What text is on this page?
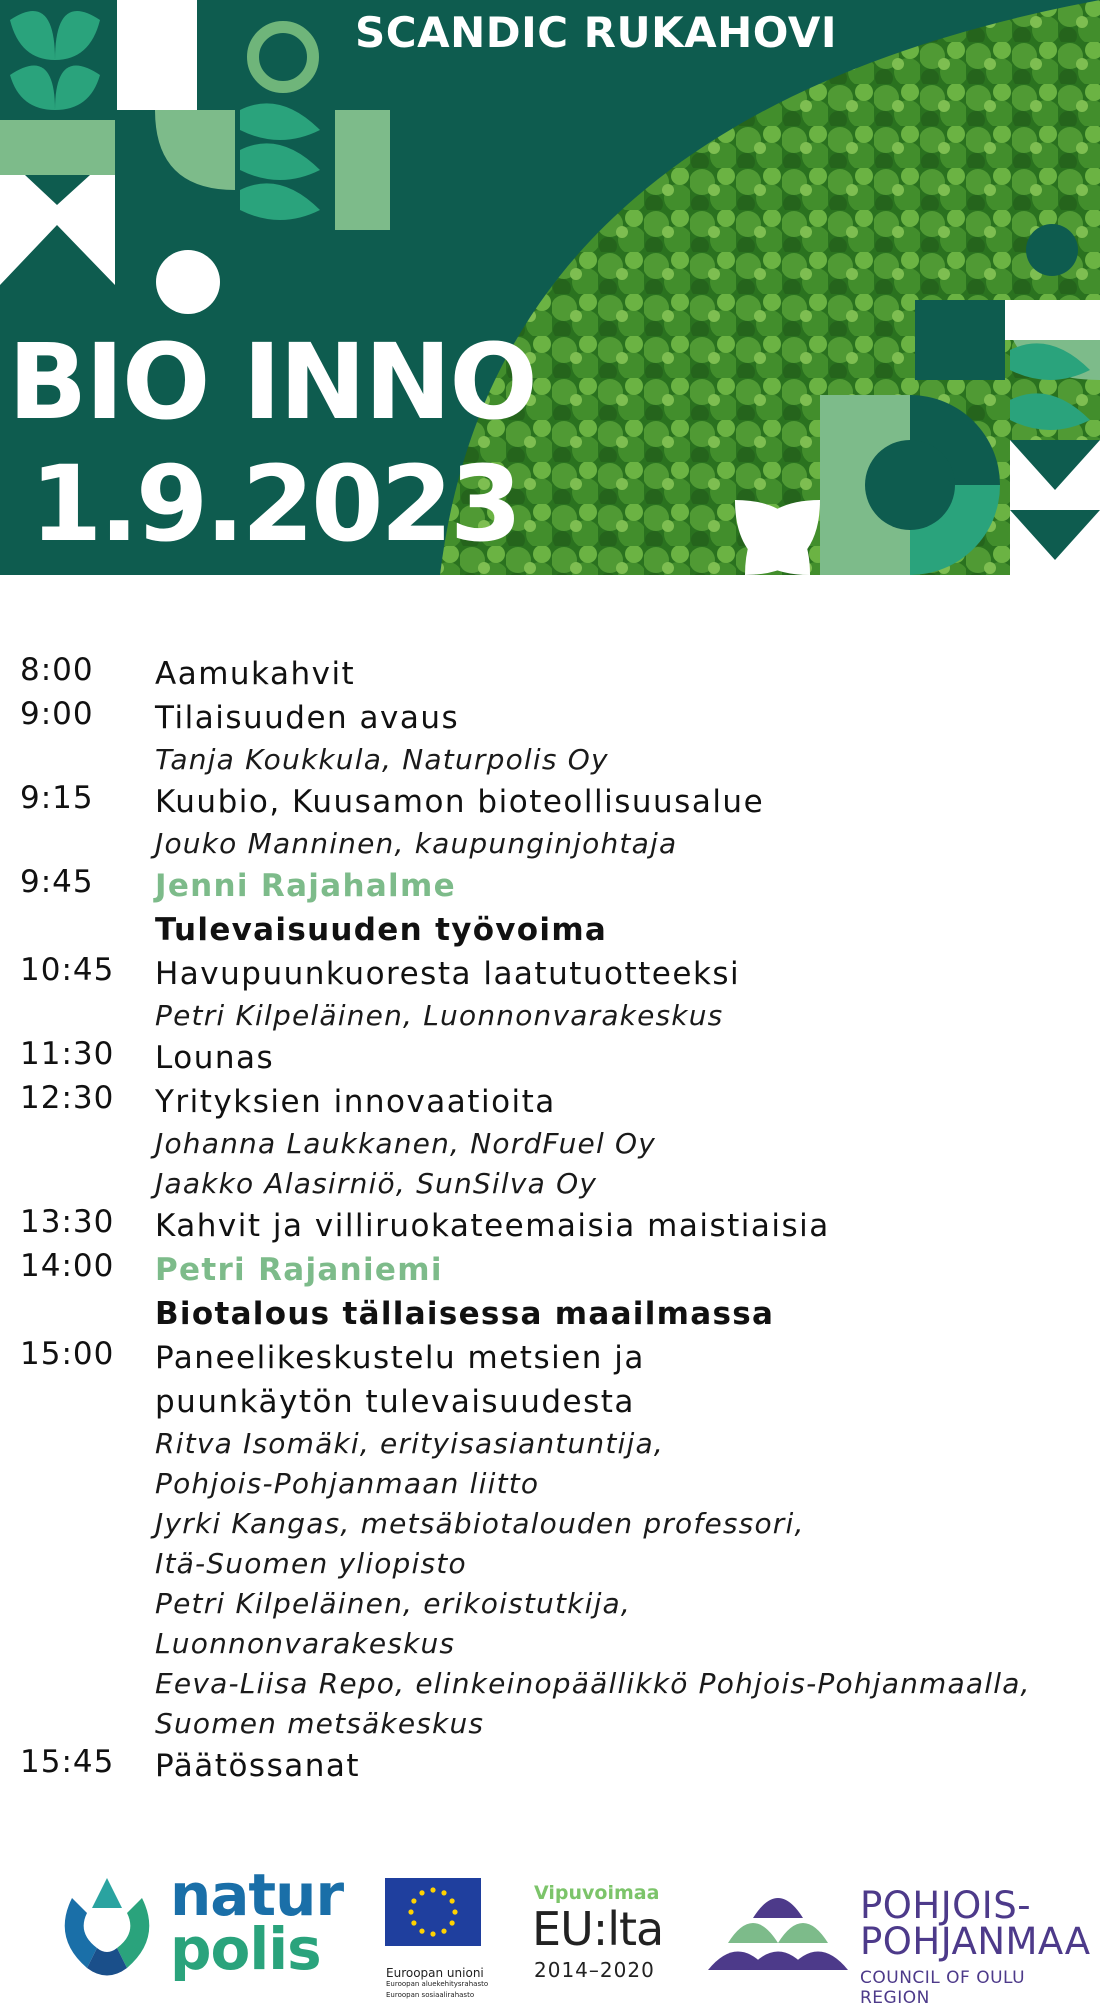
SCANDIC RUKAHOVI
BIO INNO
1.9.2023
8:00	Aamukahvit
9:00	Tilaisuuden avaus
Tanja Koukkula, Naturpolis Oy
9:15	Kuubio, Kuusamon bioteollisuusalue
Jouko Manninen, kaupunginjohtaja
9:45	Jenni Rajahalme
Tulevaisuuden työvoima
10:45	Havupuunkuoresta laatutuotteeksi
Petri Kilpeläinen, Luonnonvarakeskus
11:30	Lounas
12:30	Yrityksien innovaatioita
Johanna Laukkanen, NordFuel Oy
Jaakko Alasirniö, SunSilva Oy
13:30	Kahvit ja villiruokateemaisia maistiaisia
14:00	Petri Rajaniemi
Biotalous tällaisessa maailmassa
15:00	Paneelikeskustelu metsien ja
puunkäytön tulevaisuudesta
Ritva Isomäki, erityisasiantuntija,
Pohjois-Pohjanmaan liitto
Jyrki Kangas, metsäbiotalouden professori,
Itä-Suomen yliopisto
Petri Kilpeläinen, erikoistutkija,
Luonnonvarakeskus
Eeva-Liisa Repo, elinkeinopäällikkö Pohjois-Pohjanmaalla,
Suomen metsäkeskus
15:45	Päätössanat
natur
polis	Euroopan unioni
Euroopan aluekehitysrahasto
Euroopan sosiaalirahasto
Vipuvoimaa
EU:lta
2014–2020
POHJOIS-
POHJANMAA
COUNCIL OF OULU REGION
